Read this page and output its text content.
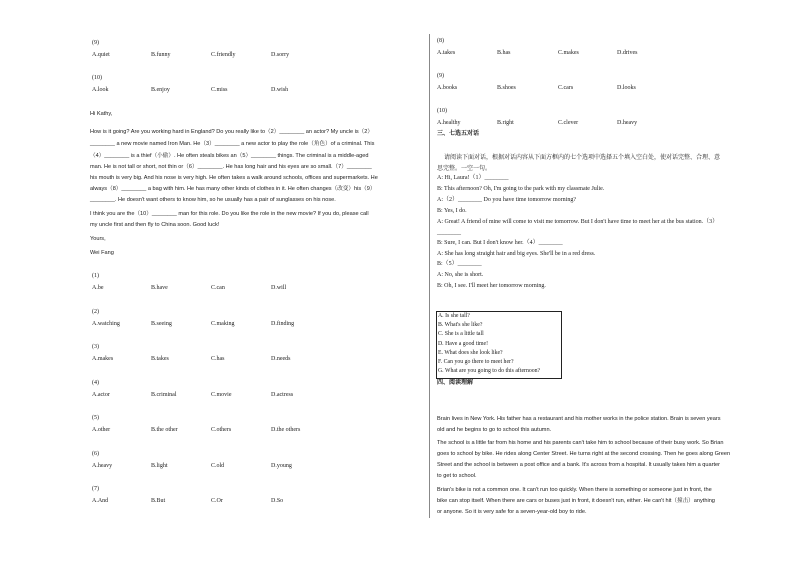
(9)
A.quiet	B.funny	C.friendly	D.sorry
(10)
A.look	B.enjoy	C.miss	D.wish
Hi Kathy,
How is it going? Are you working hard in England? Do you really like to（2）________ an actor? My uncle is（2）
________ a new movie named Iron Man. He（3）________ a new actor to play the role（角色）of a criminal. This
（4）________ is a thief（小偷）. He often steals bikes an（5）________ things. The criminal is a middle-aged
man. He is not tall or short, not thin or（6）________. He has long hair and his eyes are so small.（7）________
his mouth is very big. And his nose is very high. He often takes a walk around schools, offices and supermarkets. He
always（8）________ a bag with him. He has many other kinds of clothes in it. He often changes（改变）his（9）
________. He doesn't want others to know him, so he usually has a pair of sunglasses on his nose.
I think you are the（10）________ man for this role. Do you like the role in the new movie? If you do, please call
my uncle first and then fly to China soon. Good luck!
Yours,
Wei Fang
(1)
A.be	B.have	C.can	D.will
(2)
A.watching	B.seeing	C.making	D.finding
(3)
A.makes	B.takes	C.has	D.needs
(4)
A.actor	B.criminal	C.movie	D.actress
(5)
A.other	B.the other	C.others	D.the others
(6)
A.heavy	B.light	C.old	D.young
(7)
A.And	B.But	C.Or	D.So
(8)
A.takes	B.has	C.makes	D.drives
(9)
A.books	B.shoes	C.cars	D.looks
(10)
A.healthy	B.right	C.clever	D.heavy
三、七选五对话
请阅读下面对话，根据对话内容从下面方框内的七个选项中选择五个填入空白处，使对话完整、合理、意
思完整。一空一句。
A: Hi, Laura!（1）________
B: This afternoon? Oh, I'm going to the park with my classmate Julie.
A:（2）________ Do you have time tomorrow morning?
B: Yes, I do.
A: Great! A friend of mine will come to visit me tomorrow. But I don't have time to meet her at the bus station.（3）
________
B: Sure, I can. But I don't know her.（4）________
A: She has long straight hair and big eyes. She'll be in a red dress.
B:（5）________
A: No, she is short.
B: Oh, I see. I'll meet her tomorrow morning.
A. Is she tall?
B. What's she like?
C. She is a little tall
D. Have a good time!
E. What does she look like?
F. Can you go there to meet her?
G. What are you going to do this afternoon?
四、阅读理解
Brain lives in New York. His father has a restaurant and his mother works in the police station. Brain is seven years
old and he begins to go to school this autumn.
The school is a little far from his home and his parents can't take him to school because of their busy work. So Brian
goes to school by bike. He rides along Center Street. He turns right at the second crossing. Then he goes along Green
Street and the school is between a post office and a bank. It's across from a hospital. It usually takes him a quarter
to get to school.
Brian's bike is not a common one. It can't run too quickly. When there is something or someone just in front, the
bike can stop itself. When there are cars or buses just in front, it doesn't run, either. He can't hit（撞击）anything
or anyone. So it is very safe for a seven-year-old boy to ride.
